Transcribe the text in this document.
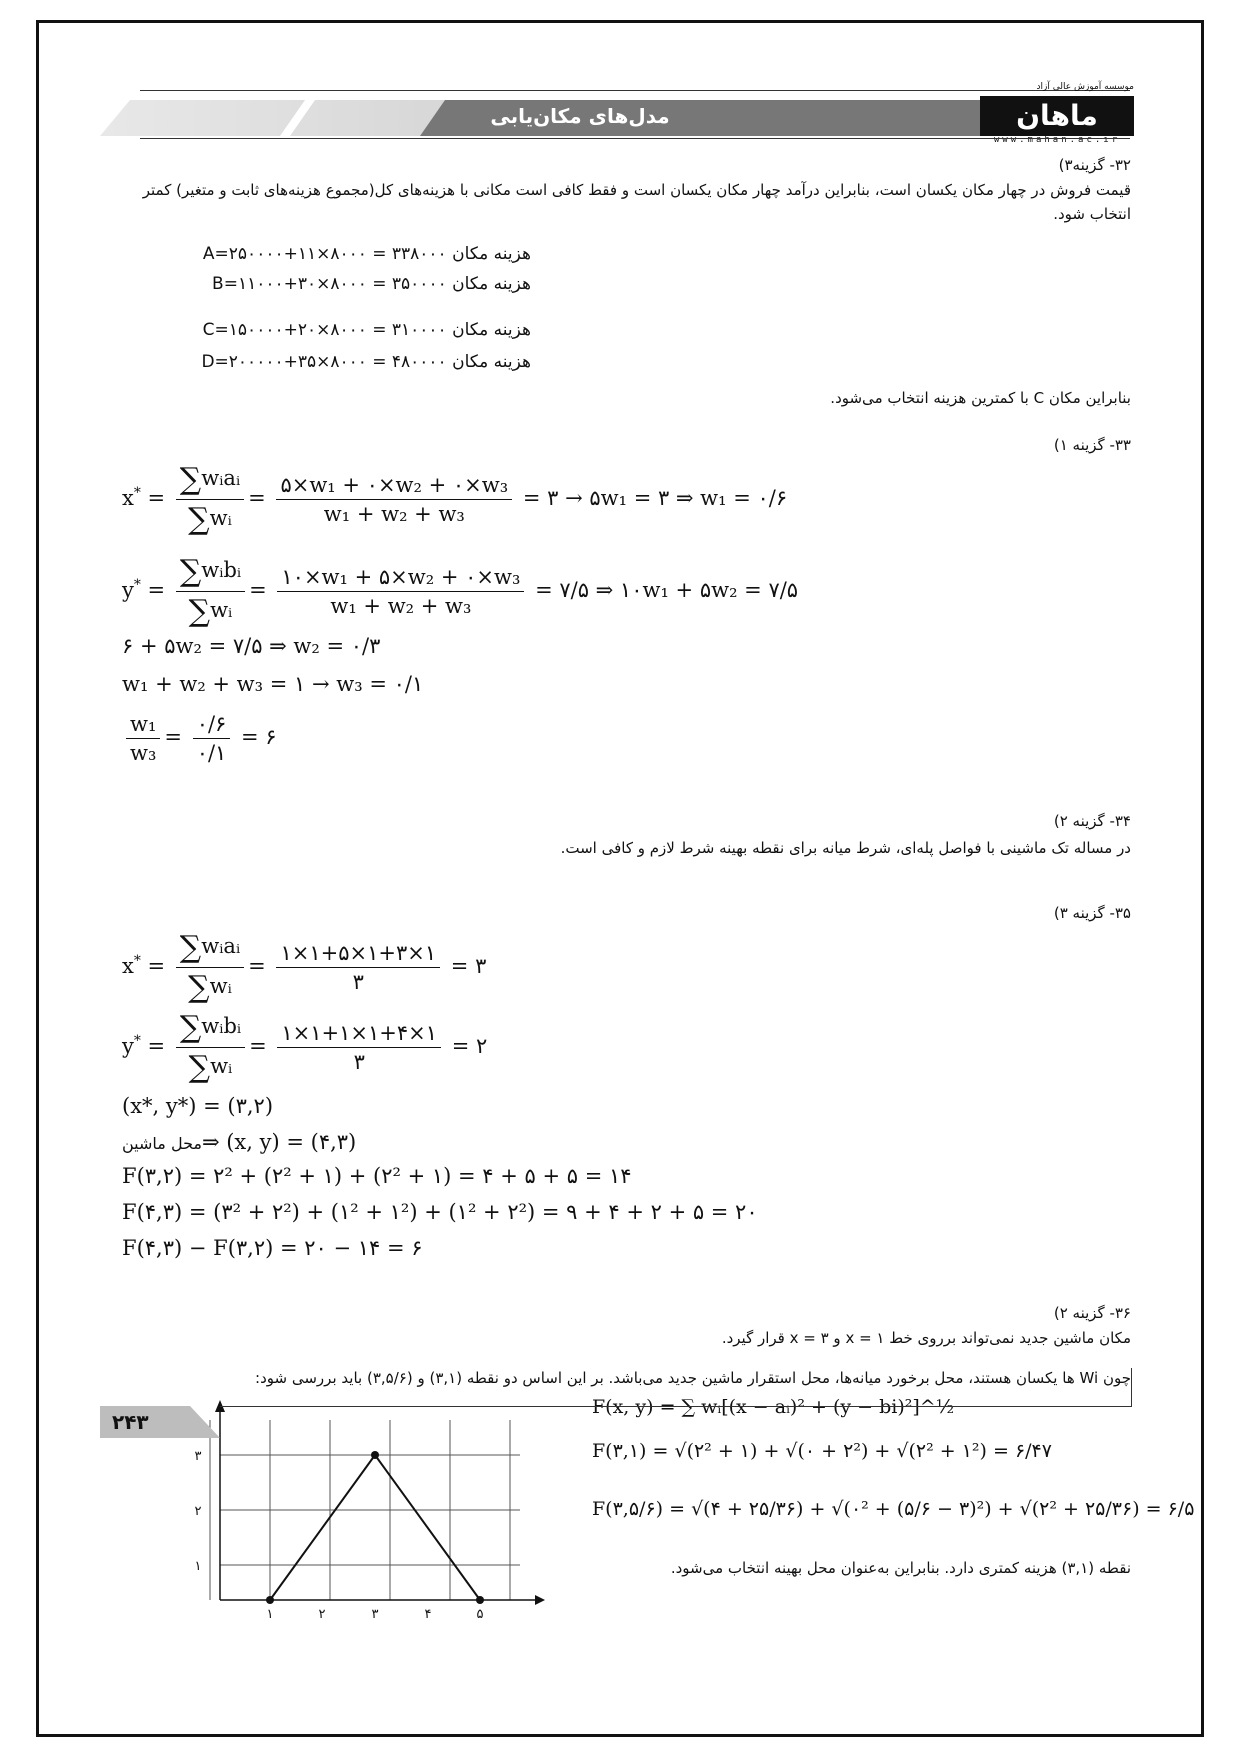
مدل‌های مکان‌یابی
موسسه آموزش عالی آزاد
ماهان
www.mahan.ac.ir
۳۲- گزینه۳)
قیمت فروش در چهار مکان یکسان است، بنابراین درآمد چهار مکان یکسان است و فقط کافی است مکانی با هزینه‌های کل(مجموع هزینه‌های ثابت و متغیر) کمتر انتخاب شود.
هزینه مکان A=۲۵۰۰۰۰+۱۱×۸۰۰۰ = ۳۳۸۰۰۰
هزینه مکان B=۱۱۰۰۰+۳۰×۸۰۰۰ = ۳۵۰۰۰۰
هزینه مکان C=۱۵۰۰۰۰+۲۰×۸۰۰۰ = ۳۱۰۰۰۰
هزینه مکان D=۲۰۰۰۰۰+۳۵×۸۰۰۰ = ۴۸۰۰۰۰
بنابراین مکان C با کمترین هزینه انتخاب می‌شود.
۳۳- گزینه ۱)
$x^* = \frac{\text{∑wᵢaᵢ}}{\text{∑wᵢ}} = \frac{\text{۵×w₁ + ۰×w₂ + ۰×w₃}}{\text{w₁ + w₂ + w₃}}$ = ۳ → ۵w₁ = ۳ ⇒ w₁ = ۰/۶
$y^* = \frac{\text{∑wᵢbᵢ}}{\text{∑wᵢ}} = \frac{\text{۱۰×w₁ + ۵×w₂ + ۰×w₃}}{\text{w₁ + w₂ + w₃}}$ = ۷/۵ ⇒ ۱۰w₁ + ۵w₂ = ۷/۵
۶ + ۵w₂ = ۷/۵ ⇒ w₂ = ۰/۳
w₁ + w₂ + w₃ = ۱ → w₃ = ۰/۱
$\frac{\text{w₁}}{\text{w₃}} = \frac{۰/۶}{۰/۱}$ = ۶
۳۴- گزینه ۲)
در مساله تک ماشینی با فواصل پله‌ای، شرط میانه برای نقطه بهینه شرط لازم و کافی است.
۳۵- گزینه ۳)
$x^* = \frac{\text{∑wᵢaᵢ}}{\text{∑wᵢ}} = \frac{۱\times ۱+۵\times ۱+۳\times ۱}{۳}$ = ۳
$y^* = \frac{\text{∑wᵢbᵢ}}{\text{∑wᵢ}} = \frac{۱\times ۱+۱\times ۱+۴\times ۱}{۳}$ = ۲
(x*, y*) = (۳,۲)
محل ماشین⇒ (x, y) = (۴,۳)
F(۳,۲) = ۲² + (۲² + ۱) + (۲² + ۱) = ۴ + ۵ + ۵ = ۱۴
F(۴,۳) = (۳² + ۲²) + (۱² + ۱²) + (۱² + ۲²) = ۹ + ۴ + ۲ + ۵ = ۲۰
F(۴,۳) − F(۳,۲) = ۲۰ − ۱۴ = ۶
۳۶- گزینه ۲)
مکان ماشین جدید نمی‌تواند برروی خط x = ۱ و x = ۳ قرار گیرد.
چون Wi ها یکسان هستند، محل برخورد میانه‌ها، محل استقرار ماشین جدید می‌باشد. بر این اساس دو نقطه (۳,۱) و (۳,۵/۶) باید بررسی شود:
F(x, y) = ∑ wᵢ[(x − aᵢ)² + (y − bi)²]^½
F(۳,۱) = √(۲² + ۱) + √(۰ + ۲²) + √(۲² + ۱²) = ۶/۴۷
F(۳,۵/۶) = √(۴ + ۲۵/۳۶) + √(۰² + (۵/۶ − ۳)²) + √(۲² + ۲۵/۳۶) = ۶/۵
نقطه (۳,۱) هزینه کمتری دارد. بنابراین به‌عنوان محل بهینه انتخاب می‌شود.
۱	۲	۳	۴	۵
۱
۲
۳
۲۴۳
